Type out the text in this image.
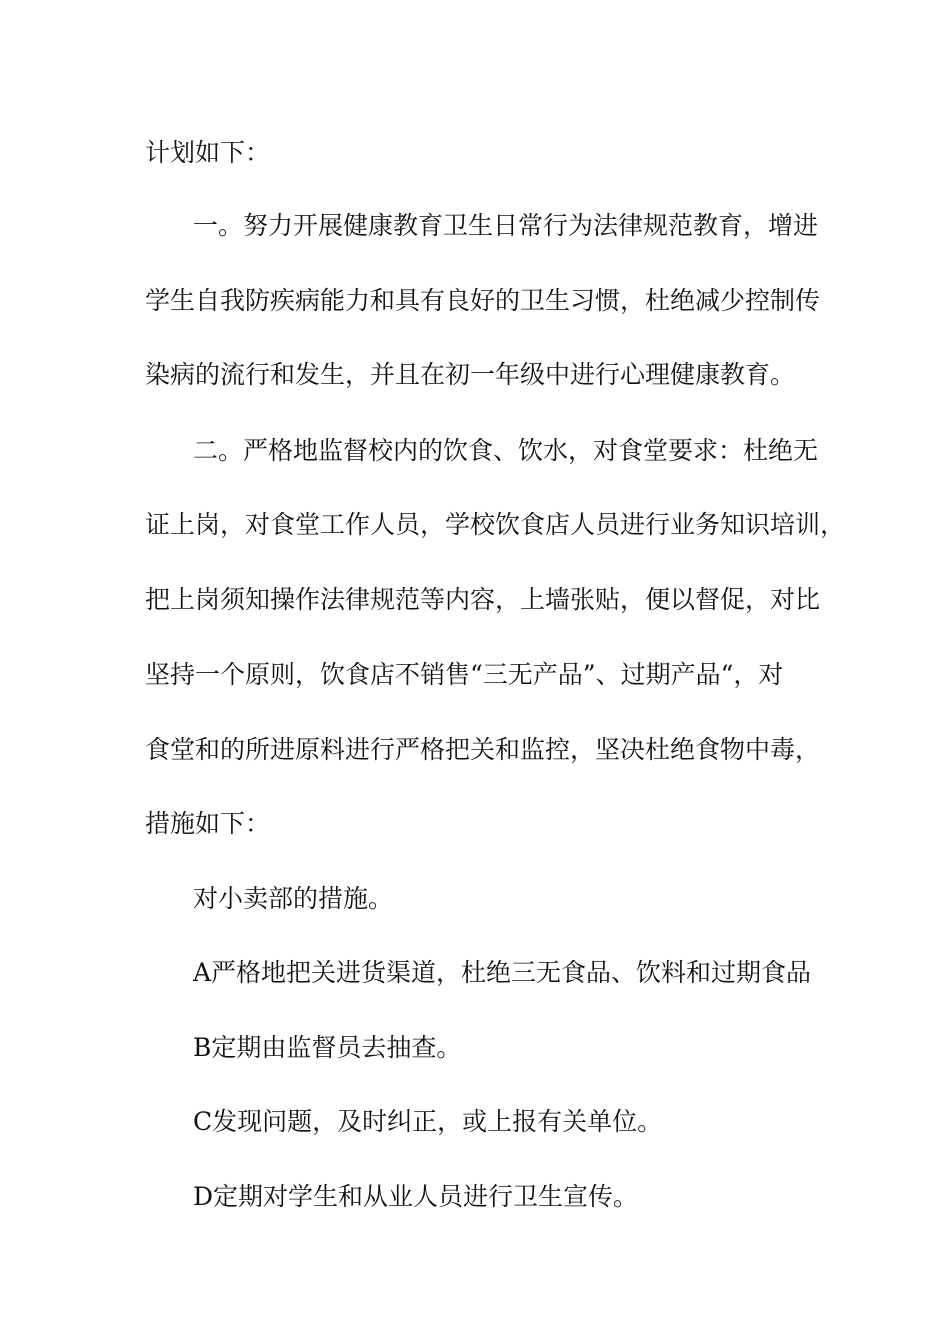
计划如下：

一。努力开展健康教育卫生日常行为法律规范教育，增进

学生自我防疾病能力和具有良好的卫生习惯，杜绝减少控制传

染病的流行和发生，并且在初一年级中进行心理健康教育。

二。严格地监督校内的饮食、饮水，对食堂要求：杜绝无

证上岗，对食堂工作人员，学校饮食店人员进行业务知识培训，

把上岗须知操作法律规范等内容，上墙张贴，便以督促，对比

坚持一个原则，饮食店不销售“三无产品”、过期产品“，对

食堂和的所进原料进行严格把关和监控，坚决杜绝食物中毒，

措施如下：

对小卖部的措施。

A严格地把关进货渠道，杜绝三无食品、饮料和过期食品

B定期由监督员去抽查。

C发现问题，及时纠正，或上报有关单位。

D定期对学生和从业人员进行卫生宣传。
